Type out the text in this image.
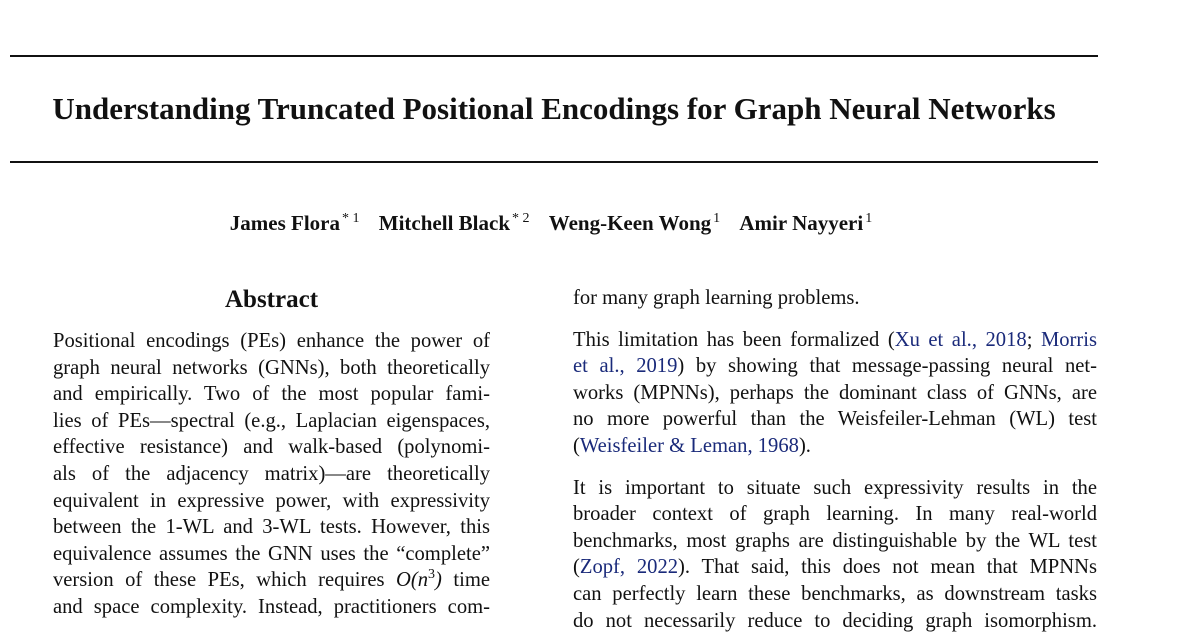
Understanding Truncated Positional Encodings for Graph Neural Networks
James Flora $^{* 1}$ Mitchell Black $^{* 2}$ Weng-Keen Wong $^1$ Amir Nayyeri $^1$
Abstract
Positional encodings (PEs) enhance the power of
graph neural networks (GNNs), both theoretically
and empirically. Two of the most popular fami-
lies of PEs—spectral (e.g., Laplacian eigenspaces,
effective resistance) and walk-based (polynomi-
als of the adjacency matrix)—are theoretically
equivalent in expressive power, with expressivity
between the 1-WL and 3-WL tests. However, this
equivalence assumes the GNN uses the “complete”
version of these PEs, which requires $O(n^3)$ time
and space complexity. Instead, practitioners com-
for many graph learning problems.
This limitation has been formalized (Xu et al., 2018; Morris
et al., 2019) by showing that message-passing neural net-
works (MPNNs), perhaps the dominant class of GNNs, are
no more powerful than the Weisfeiler-Lehman (WL) test
(Weisfeiler & Leman, 1968).
It is important to situate such expressivity results in the
broader context of graph learning. In many real-world
benchmarks, most graphs are distinguishable by the WL test
(Zopf, 2022). That said, this does not mean that MPNNs
can perfectly learn these benchmarks, as downstream tasks
do not necessarily reduce to deciding graph isomorphism.
